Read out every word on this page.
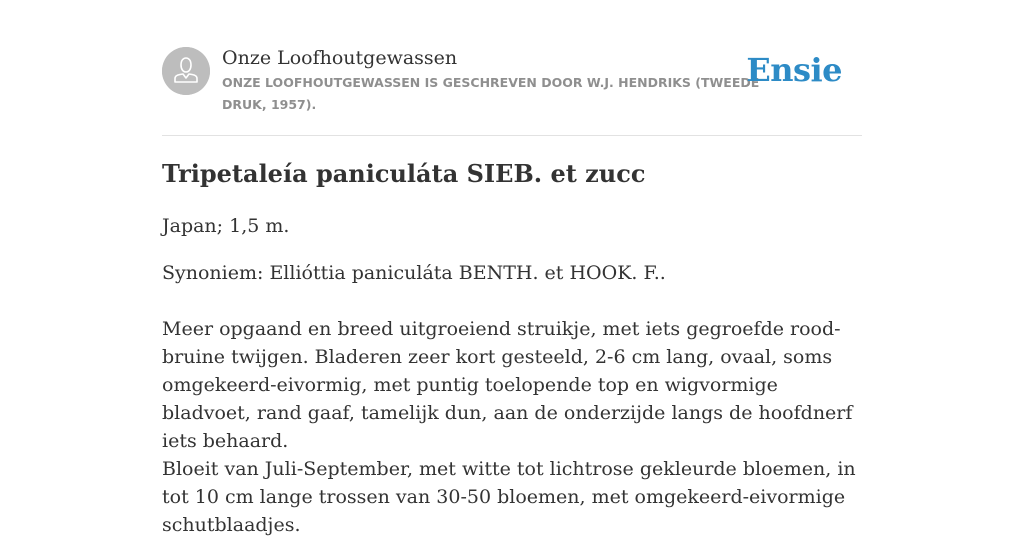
Onze Loofhoutgewassen
ONZE LOOFHOUTGEWASSEN IS GESCHREVEN DOOR W.J. HENDRIKS (TWEEDE DRUK, 1957).
Ensie
Tripetaleía paniculáta SIEB. et zucc

Japan; 1,5 m.

Synoniem: Ellióttia paniculáta BENTH. et HOOK. F..

Meer opgaand en breed uitgroeiend struikje, met iets gegroefde rood-bruine twijgen. Bladeren zeer kort gesteeld, 2-6 cm lang, ovaal, soms omgekeerd-eivormig, met puntig toelopende top en wigvormige bladvoet, rand gaaf, tamelijk dun, aan de onderzijde langs de hoofdnerf iets behaard.

Bloeit van Juli-September, met witte tot lichtrose gekleurde bloemen, in tot 10 cm lange trossen van 30-50 bloemen, met omgekeerd-eivormige schutblaadjes.
